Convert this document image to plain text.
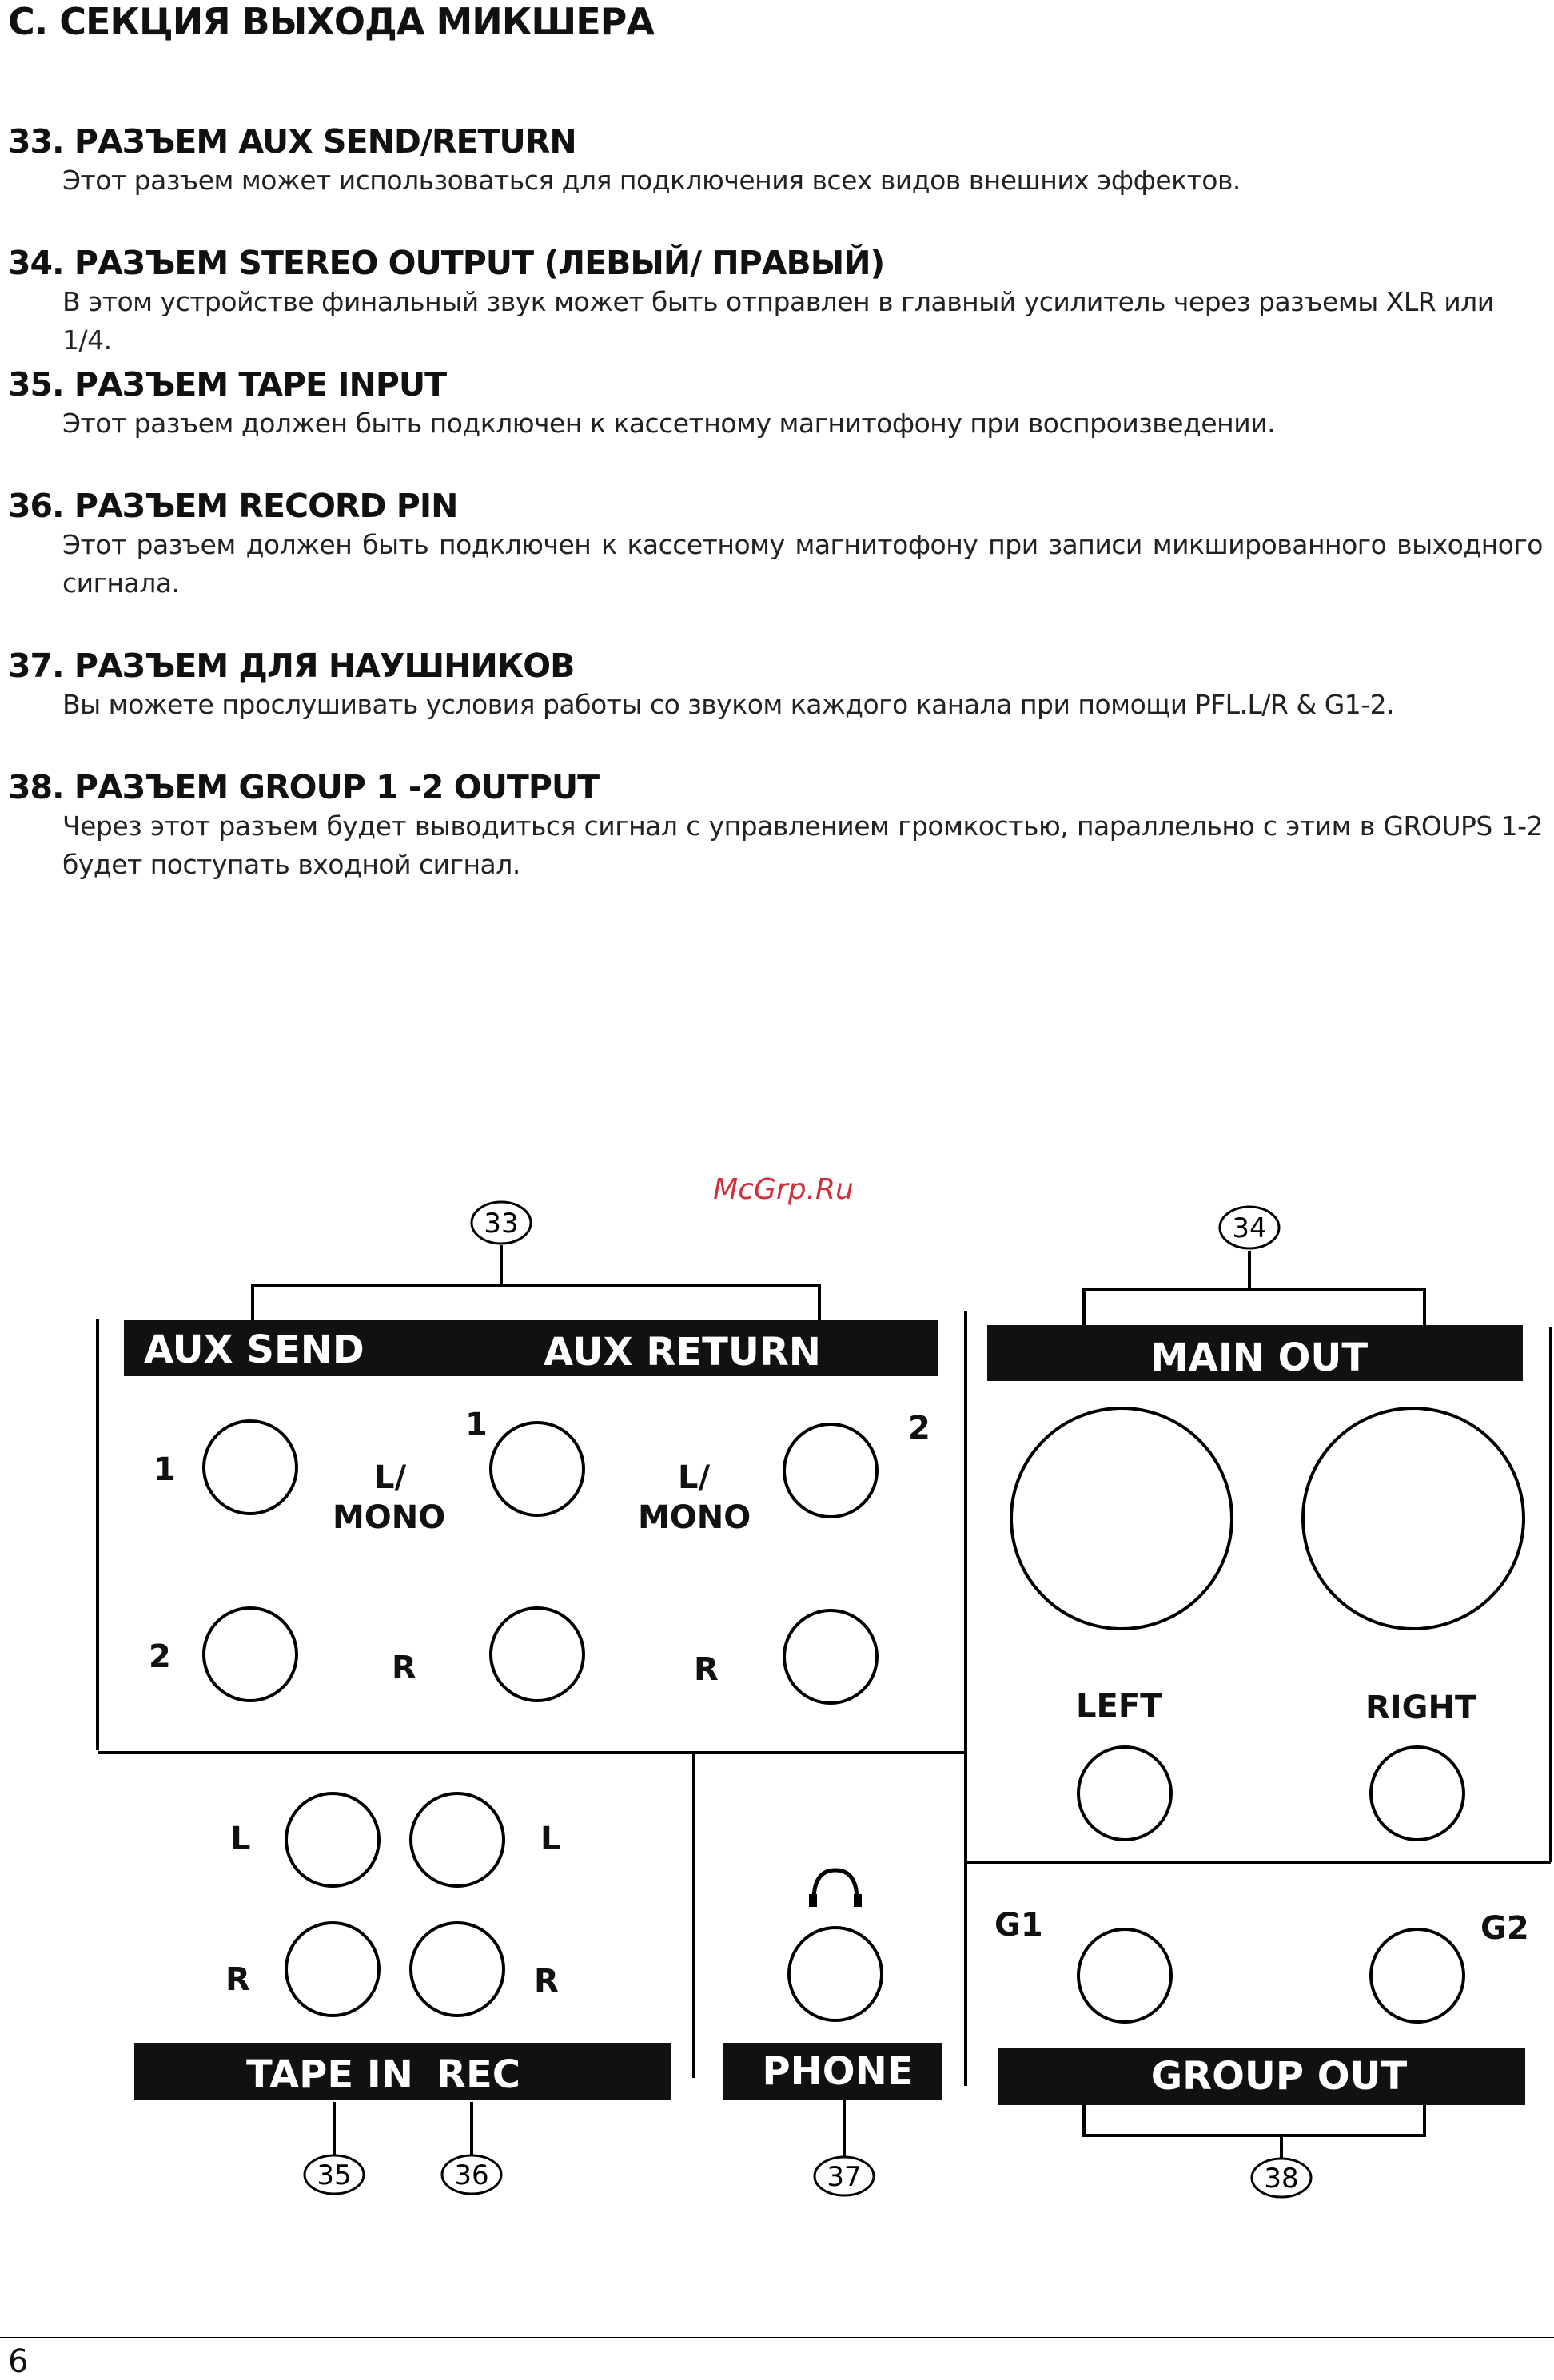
С. СЕКЦИЯ ВЫХОДА МИКШЕРА
33. РАЗЪЕМ AUX SEND/RETURN

Этот разъем может использоваться для подключения всех видов внешних эффектов.

34. РАЗЪЕМ STEREO OUTPUT (ЛЕВЫЙ/ ПРАВЫЙ)

В этом устройстве финальный звук может быть отправлен в главный усилитель через разъемы XLR или 1/4.

35. РАЗЪЕМ TAPE INPUT

Этот разъем должен быть подключен к кассетному магнитофону при воспроизведении.

36. РАЗЪЕМ RECORD PIN

Этот разъем должен быть подключен к кассетному магнитофону при записи микшированного выходного сигнала.

37. РАЗЪЕМ ДЛЯ НАУШНИКОВ

Вы можете прослушивать условия работы со звуком каждого канала при помощи PFL.L/R & G1-2.

38. РАЗЪЕМ GROUP 1 -2 OUTPUT

Через этот разъем будет выводиться сигнал с управлением громкостью, параллельно с этим в GROUPS 1-2 будет поступать входной сигнал.

33	34
35	36	37	38
McGrp.Ru
AUX SEND	AUX RETURN	MAIN OUT
TAPE IN REC	PHONE	GROUP OUT
1
2
1	2
L/
MONO
R
L/
MONO
R
LEFT	RIGHT
L
R
L
R
G1	G2
6
